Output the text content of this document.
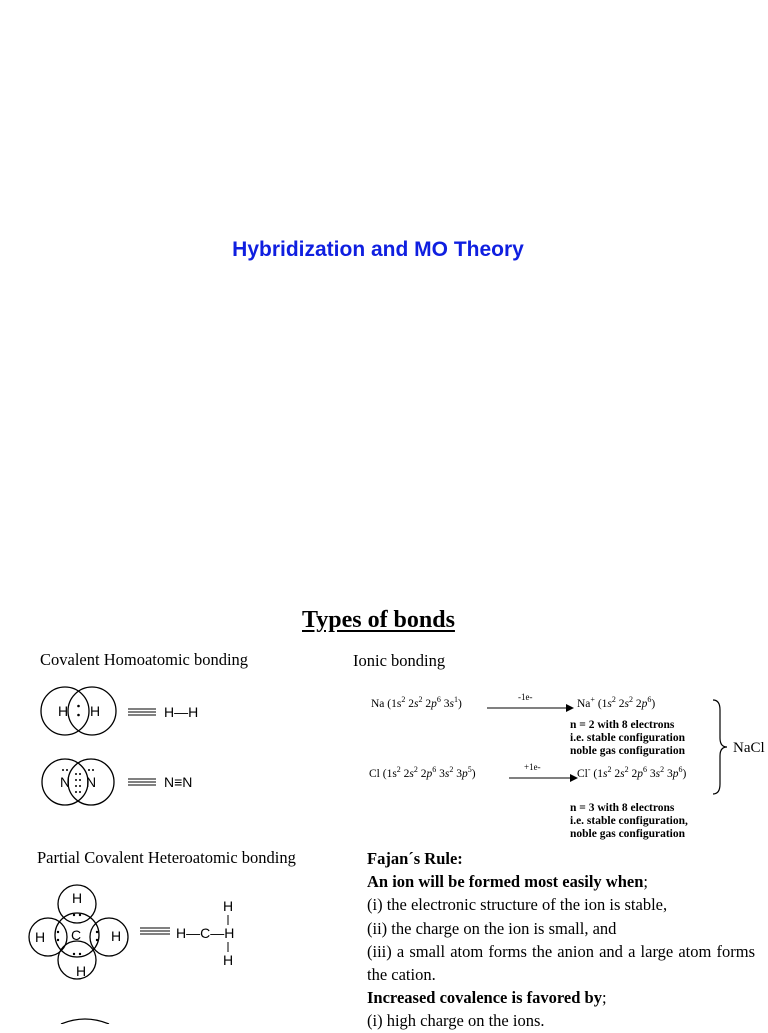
Hybridization and MO Theory
Types of bonds
Covalent Homoatomic bonding	Ionic bonding
Partial Covalent Heteroatomic bonding
H H	H—H
N N	N≡N
C
H
H
H	H
H
H—C—H
H
Na ($1s^2$ $2s^2$ $2p^6$ $3s^1$)
-1e-
Na+ ($1s^2$ $2s^2$ $2p^6$)
n = 2 with 8 electrons
i.e. stable configuration
noble gas configuration
Cl ($1s^2$ $2s^2$ $2p^6$ $3s^2$ $3p^5$)
+1e-
Cl- ($1s^2$ $2s^2$ $2p^6$ $3s^2$ $3p^6$)
n = 3 with 8 electrons
i.e. stable configuration,
noble gas configuration
NaCl

Fajan´s Rule:

An ion will be formed most easily when;

(i) the electronic structure of the ion is stable,

(ii) the charge on the ion is small, and

(iii) a small atom forms the anion and a large atom forms the cation.

Increased covalence is favored by;

(i) high charge on the ions.
